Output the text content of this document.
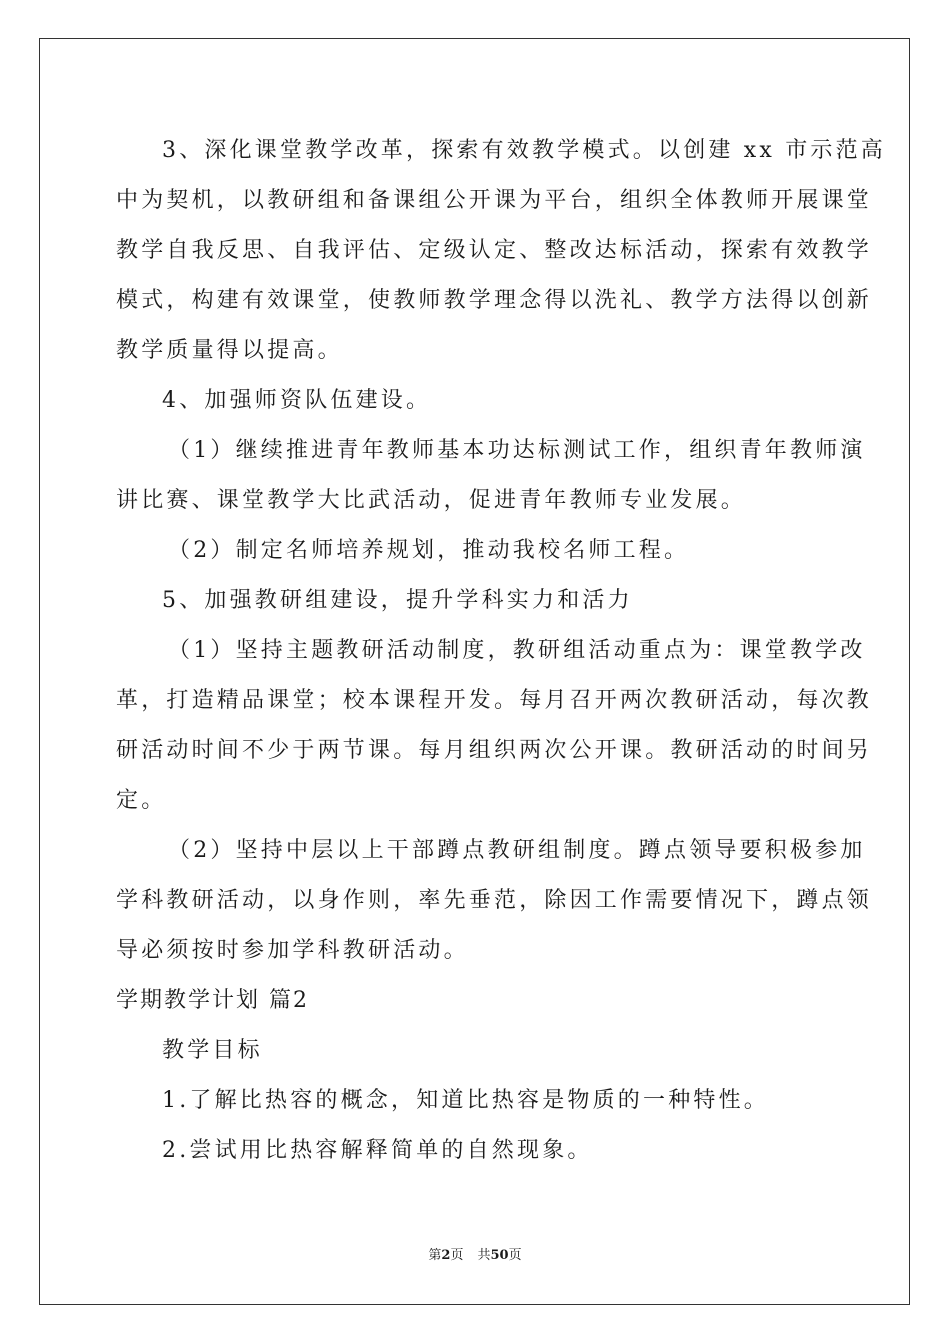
3、深化课堂教学改革，探索有效教学模式。以创建 xx 市示范高
中为契机，以教研组和备课组公开课为平台，组织全体教师开展课堂
教学自我反思、自我评估、定级认定、整改达标活动，探索有效教学
模式，构建有效课堂，使教师教学理念得以洗礼、教学方法得以创新
教学质量得以提高。
4、加强师资队伍建设。
（1）继续推进青年教师基本功达标测试工作，组织青年教师演
讲比赛、课堂教学大比武活动，促进青年教师专业发展。
（2）制定名师培养规划，推动我校名师工程。
5、加强教研组建设，提升学科实力和活力
（1）坚持主题教研活动制度，教研组活动重点为：课堂教学改
革，打造精品课堂；校本课程开发。每月召开两次教研活动，每次教
研活动时间不少于两节课。每月组织两次公开课。教研活动的时间另
定。
（2）坚持中层以上干部蹲点教研组制度。蹲点领导要积极参加
学科教研活动，以身作则，率先垂范，除因工作需要情况下，蹲点领
导必须按时参加学科教研活动。
学期教学计划 篇2
教学目标
1.了解比热容的概念，知道比热容是物质的一种特性。
2.尝试用比热容解释简单的自然现象。
第2页 共50页
